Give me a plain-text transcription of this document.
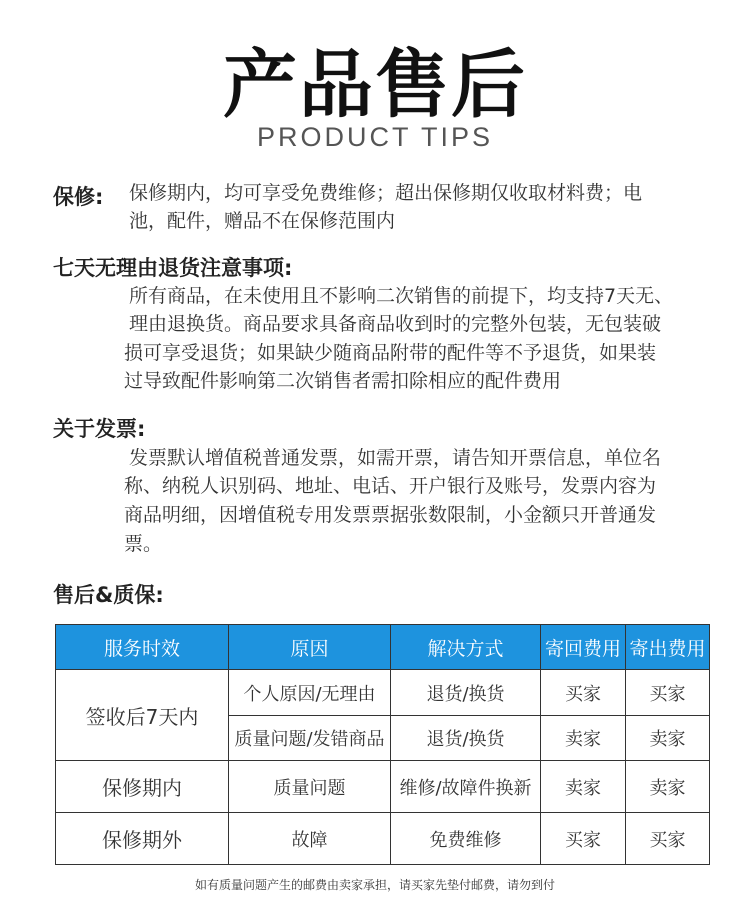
产品售后
PRODUCT TIPS
保修: 保修期内，均可享受免费维修；超出保修期仅收取材料费；电
池，配件，赠品不在保修范围内
七天无理由退货注意事项:
所有商品，在未使用且不影响二次销售的前提下，均支持7天无、
理由退换货。商品要求具备商品收到时的完整外包装，无包装破
损可享受退货；如果缺少随商品附带的配件等不予退货，如果装
过导致配件影响第二次销售者需扣除相应的配件费用
关于发票:
发票默认增值税普通发票，如需开票，请告知开票信息，单位名
称、纳税人识别码、地址、电话、开户银行及账号，发票内容为
商品明细，因增值税专用发票票据张数限制，小金额只开普通发
票。
售后&质保:
服务时效	原因	解决方式	寄回费用	寄出费用
签收后7天内	个人原因/无理由	退货/换货	买家	买家
	质量问题/发错商品	退货/换货	卖家	卖家
保修期内	质量问题	维修/故障件换新	卖家	卖家
保修期外	故障	免费维修	买家	买家
如有质量问题产生的邮费由卖家承担，请买家先垫付邮费，请勿到付
